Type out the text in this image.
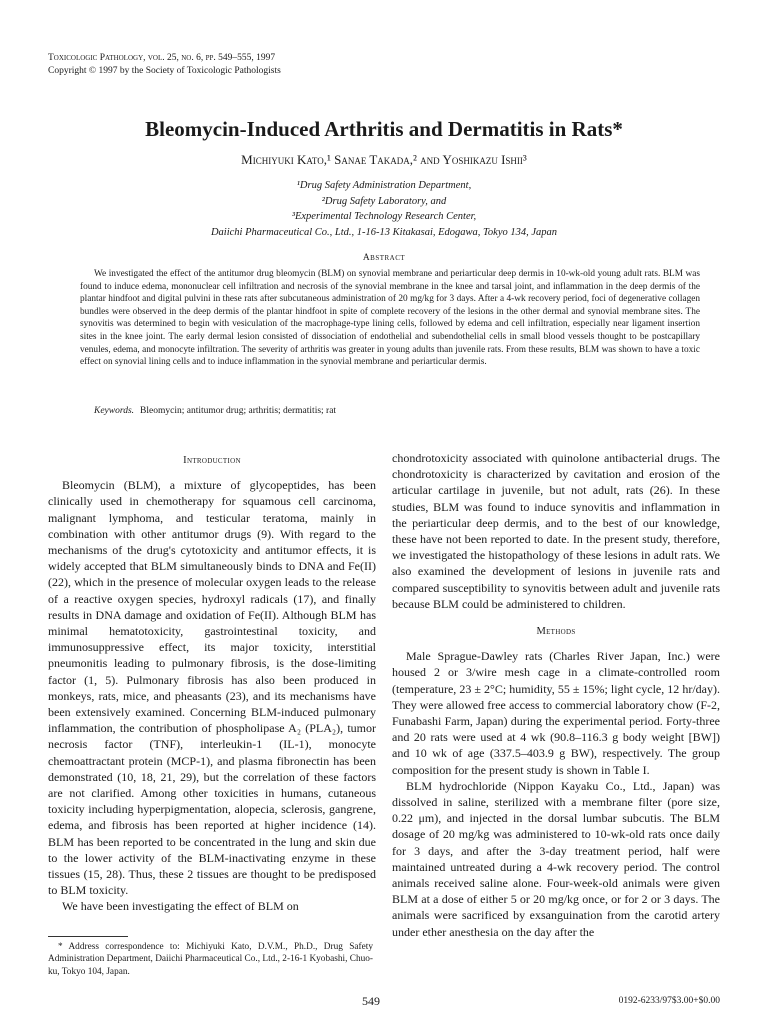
Toxicologic Pathology, vol. 25, no. 6, pp. 549–555, 1997
Copyright © 1997 by the Society of Toxicologic Pathologists
Bleomycin-Induced Arthritis and Dermatitis in Rats*
Michiyuki Kato,¹ Sanae Takada,² and Yoshikazu Ishii³
¹Drug Safety Administration Department,
²Drug Safety Laboratory, and
³Experimental Technology Research Center,
Daiichi Pharmaceutical Co., Ltd., 1-16-13 Kitakasai, Edogawa, Tokyo 134, Japan
Abstract
We investigated the effect of the antitumor drug bleomycin (BLM) on synovial membrane and periarticular deep dermis in 10-wk-old young adult rats. BLM was found to induce edema, mononuclear cell infiltration and necrosis of the synovial membrane in the knee and tarsal joint, and inflammation in the deep dermis of the plantar hindfoot and digital pulvini in these rats after subcutaneous administration of 20 mg/kg for 3 days. After a 4-wk recovery period, foci of degenerative collagen bundles were observed in the deep dermis of the plantar hindfoot in spite of complete recovery of the lesions in the other dermal and synovial membrane sites. The synovitis was determined to begin with vesiculation of the macrophage-type lining cells, followed by edema and cell infiltration, especially near ligament insertion sites in the knee joint. The early dermal lesion consisted of dissociation of endothelial and subendothelial cells in small blood vessels thought to be postcapillary venules, edema, and monocyte infiltration. The severity of arthritis was greater in young adults than juvenile rats. From these results, BLM was shown to have a toxic effect on synovial lining cells and to induce inflammation in the synovial membrane and periarticular dermis.
Keywords. Bleomycin; antitumor drug; arthritis; dermatitis; rat
Introduction

Bleomycin (BLM), a mixture of glycopeptides, has been clinically used in chemotherapy for squamous cell carcinoma, malignant lymphoma, and testicular teratoma, mainly in combination with other antitumor drugs (9). With regard to the mechanisms of the drug's cytotoxicity and antitumor effects, it is widely accepted that BLM simultaneously binds to DNA and Fe(II) (22), which in the presence of molecular oxygen leads to the release of a reactive oxygen species, hydroxyl radicals (17), and finally results in DNA damage and oxidation of Fe(II). Although BLM has minimal hematotoxicity, gastrointestinal toxicity, and immunosuppressive effect, its major toxicity, interstitial pneumonitis leading to pulmonary fibrosis, is the dose-limiting factor (1, 5). Pulmonary fibrosis has also been produced in monkeys, rats, mice, and pheasants (23), and its mechanisms have been extensively examined. Concerning BLM-induced pulmonary inflammation, the contribution of phospholipase A₂ (PLA₂), tumor necrosis factor (TNF), interleukin-1 (IL-1), monocyte chemoattractant protein (MCP-1), and plasma fibronectin has been demonstrated (10, 18, 21, 29), but the correlation of these factors are not clarified. Among other toxicities in humans, cutaneous toxicity including hyperpigmentation, alopecia, sclerosis, gangrene, edema, and fibrosis has been reported at higher incidence (14). BLM has been reported to be concentrated in the lung and skin due to the lower activity of the BLM-inactivating enzyme in these tissues (15, 28). Thus, these 2 tissues are thought to be predisposed to BLM toxicity.

We have been investigating the effect of BLM on

chondrotoxicity associated with quinolone antibacterial drugs. The chondrotoxicity is characterized by cavitation and erosion of the articular cartilage in juvenile, but not adult, rats (26). In these studies, BLM was found to induce synovitis and inflammation in the periarticular deep dermis, and to the best of our knowledge, these have not been reported to date. In the present study, therefore, we investigated the histopathology of these lesions in adult rats. We also examined the development of lesions in juvenile rats and compared susceptibility to synovitis between adult and juvenile rats because BLM could be administered to children.

Methods

Male Sprague-Dawley rats (Charles River Japan, Inc.) were housed 2 or 3/wire mesh cage in a climate-controlled room (temperature, 23 ± 2°C; humidity, 55 ± 15%; light cycle, 12 hr/day). They were allowed free access to commercial laboratory chow (F-2, Funabashi Farm, Japan) during the experimental period. Forty-three and 20 rats were used at 4 wk (90.8–116.3 g body weight [BW]) and 10 wk of age (337.5–403.9 g BW), respectively. The group composition for the present study is shown in Table I.

BLM hydrochloride (Nippon Kayaku Co., Ltd., Japan) was dissolved in saline, sterilized with a membrane filter (pore size, 0.22 μm), and injected in the dorsal lumbar subcutis. The BLM dosage of 20 mg/kg was administered to 10-wk-old rats once daily for 3 days, and after the 3-day treatment period, half were maintained untreated during a 4-wk recovery period. The control animals received saline alone. Four-week-old animals were given BLM at a dose of either 5 or 20 mg/kg once, or for 2 or 3 days. The animals were sacrificed by exsanguination from the carotid artery under ether anesthesia on the day after the

* Address correspondence to: Michiyuki Kato, D.V.M., Ph.D., Drug Safety Administration Department, Daiichi Pharmaceutical Co., Ltd., 2-16-1 Kyobashi, Chuo-ku, Tokyo 104, Japan.
549	0192-6233/97$3.00+$0.00
